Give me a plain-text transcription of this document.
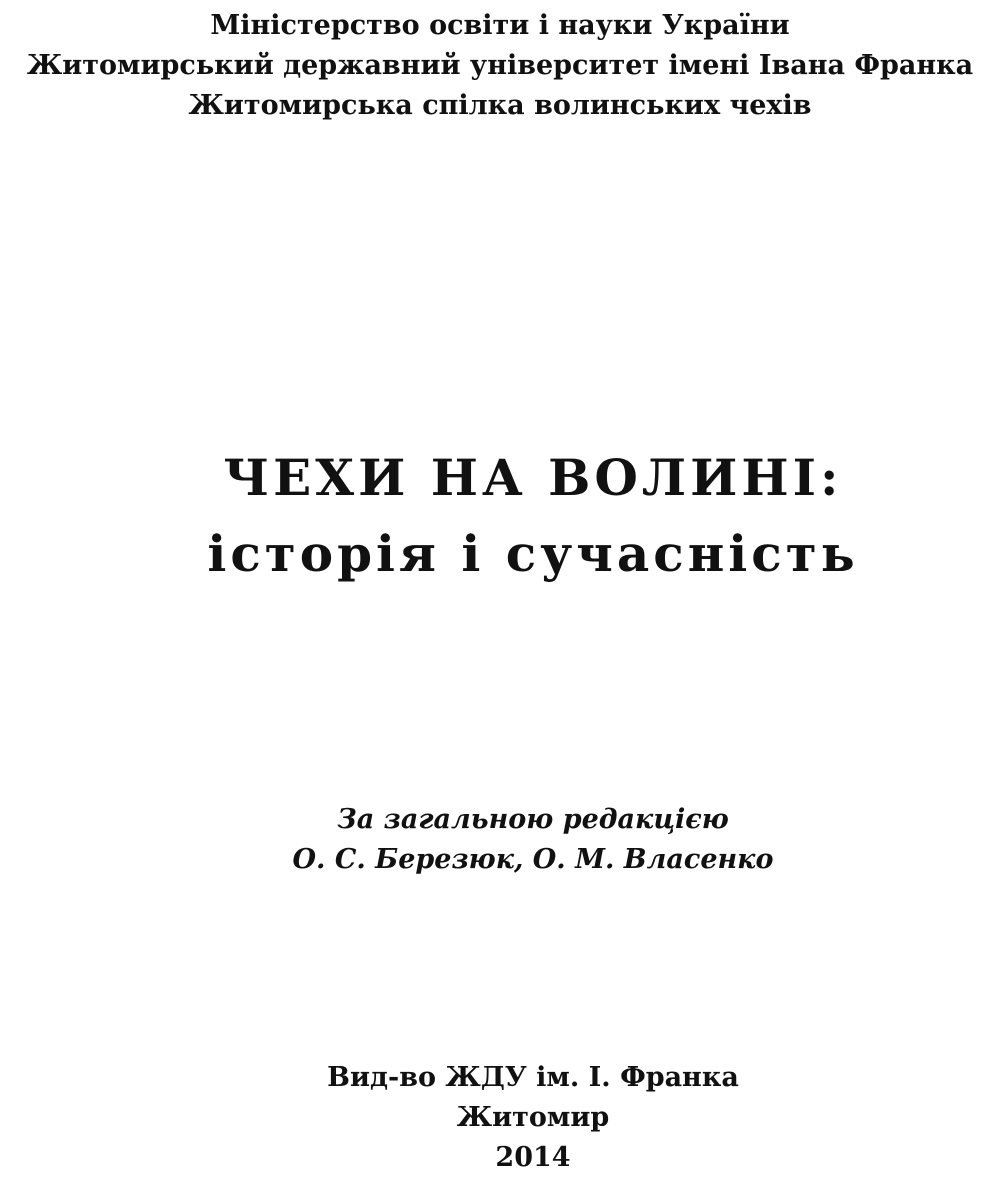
Міністерство освіти і науки України
Житомирський державний університет імені Івана Франка
Житомирська спілка волинських чехів
ЧЕХИ НА ВОЛИНІ:
історія і сучасність
За загальною редакцією
О. С. Березюк, О. М. Власенко
Вид-во ЖДУ ім. І. Франка
Житомир
2014
